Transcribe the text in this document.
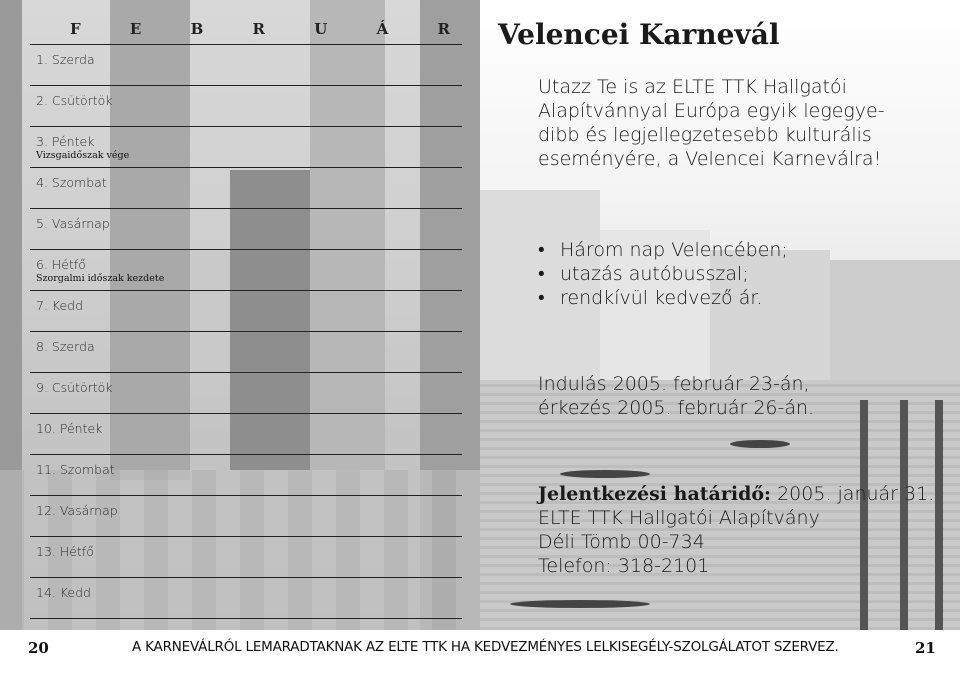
F	E	B	R	U	Á	R
1. Szerda
2. Csütörtök
3. Péntek
Vizsgaidőszak vége
4. Szombat
5. Vasárnap
6. Hétfő
Szorgalmi időszak kezdete
7. Kedd
8. Szerda
9. Csütörtök
10. Péntek
11. Szombat
12. Vasárnap
13. Hétfő
14. Kedd
Velencei Karnevál
Utazz Te is az ELTE TTK Hallgatói
Alapítvánnyal Európa egyik legegye-
dibb és legjellegzetesebb kulturális
eseményére, a Velencei Karneválra!
• Három nap Velencében;
• utazás autóbusszal;
• rendkívül kedvező ár.
Indulás 2005. február 23-án,
érkezés 2005. február 26-án.
Jelentkezési határidő: 2005. január 31.
ELTE TTK Hallgatói Alapítvány
Déli Tömb 00-734
Telefon: 318-2101
20	A KARNEVÁLRÓL LEMARADTAKNAK AZ ELTE TTK HA KEDVEZMÉNYES LELKISEGÉLY-SZOLGÁLATOT SZERVEZ.	21
